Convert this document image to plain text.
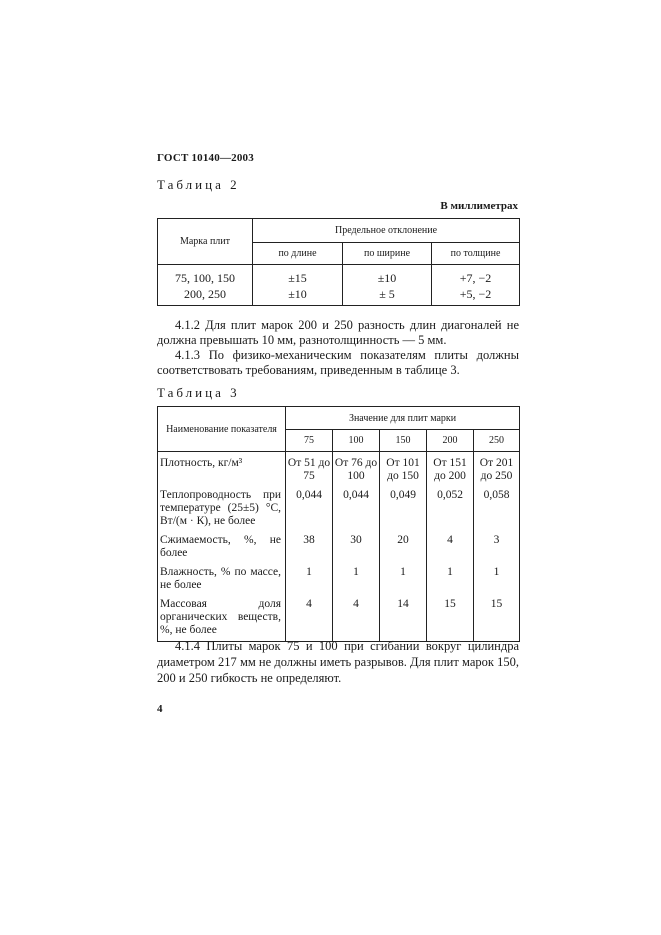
ГОСТ 10140—2003
Таблица 2
В миллиметрах
Марка плит	Предельное отклонение		
	по длине	по ширине	по толщине
75, 100, 150	±15	±10	+7, −2
200, 250	±10	± 5	+5, −2
4.1.2 Для плит марок 200 и 250 разность длин диагоналей не должна превышать 10 мм, разнотолщинность — 5 мм.
4.1.3 По физико-механическим показателям плиты должны соответствовать требованиям, приведенным в таблице 3.
Таблица 3
Наименование показателя	Значение для плит марки				
	75	100	150	200	250
Плотность, кг/м³	От 51 до 75	От 76 до 100	От 101 до 150	От 151 до 200	От 201 до 250
Теплопроводность при температуре (25±5) °С, Вт/(м · К), не более	0,044	0,044	0,049	0,052	0,058
Сжимаемость, %, не более	38	30	20	4	3
Влажность, % по массе, не более	1	1	1	1	1
Массовая доля органических веществ, %, не более	4	4	14	15	15
4.1.4 Плиты марок 75 и 100 при сгибании вокруг цилиндра диаметром 217 мм не должны иметь разрывов. Для плит марок 150, 200 и 250 гибкость не определяют.
4
